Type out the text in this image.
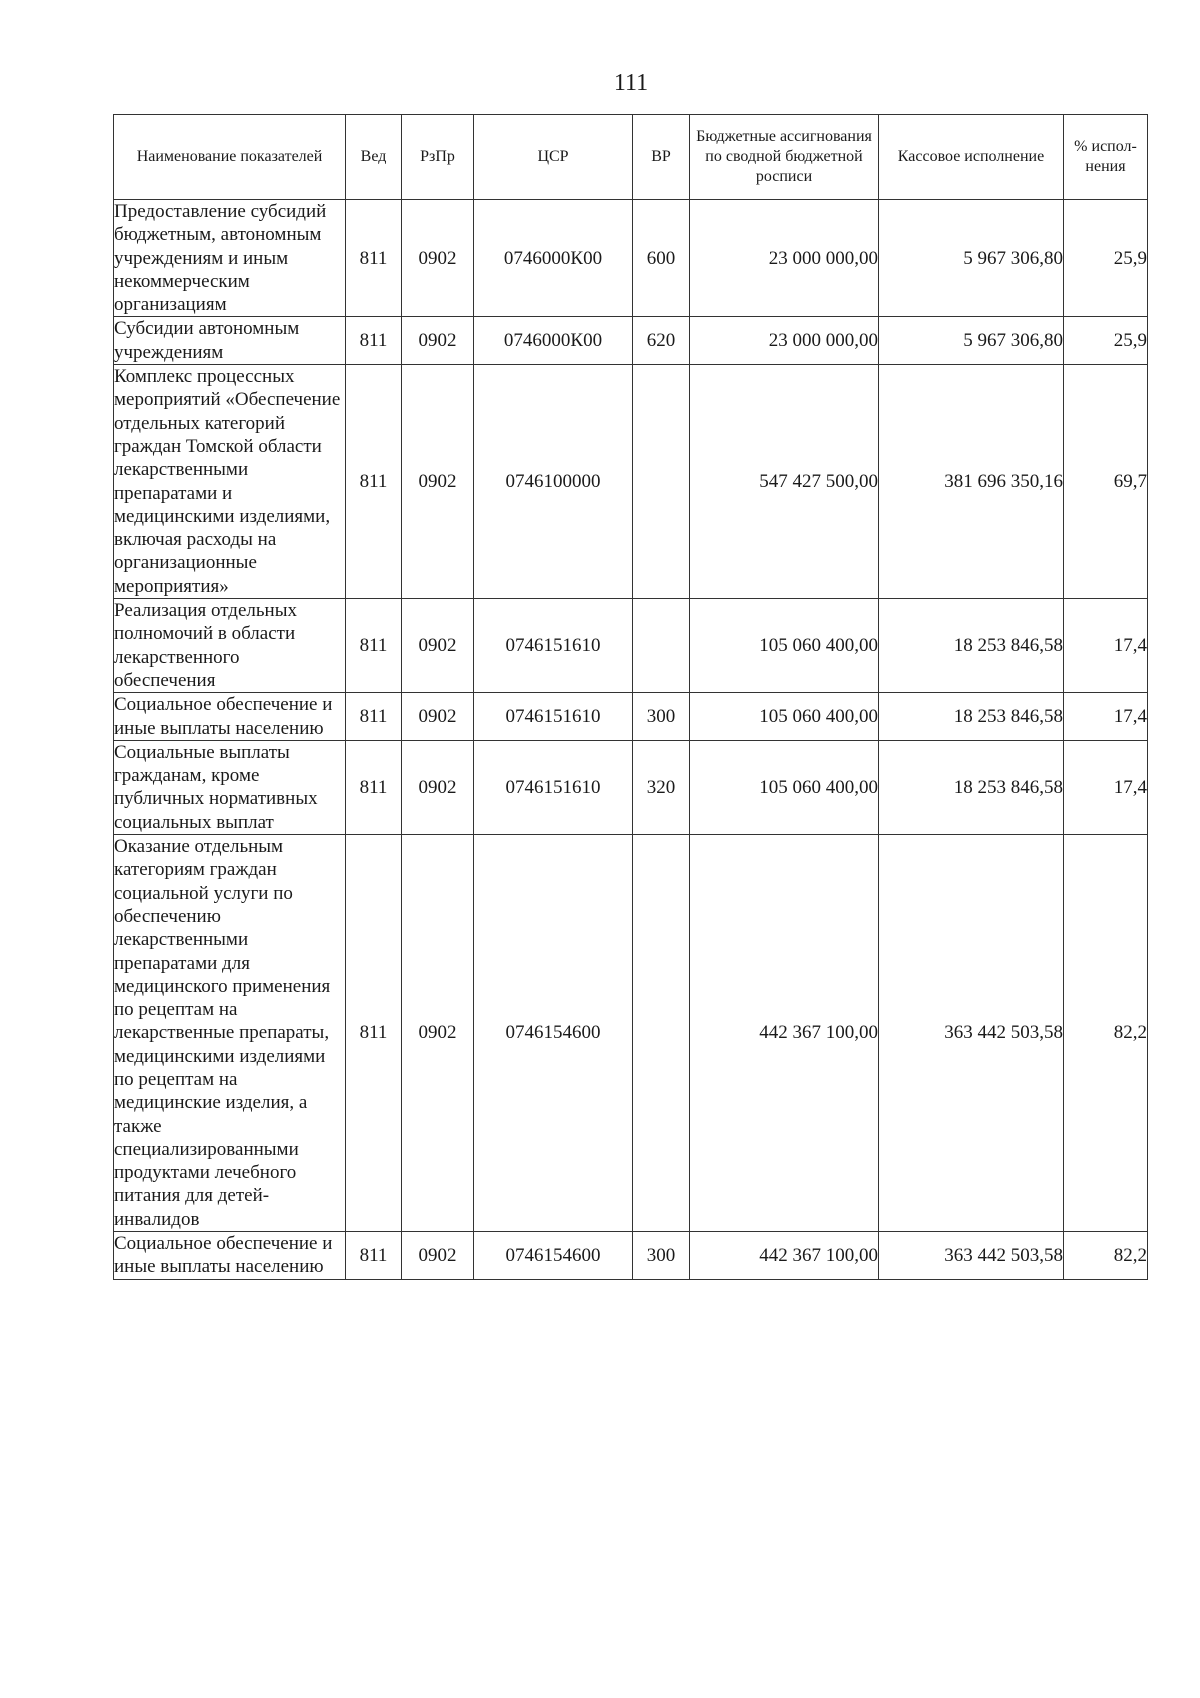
111
Наименование показателей	Вед	РзПр	ЦСР	ВР	Бюджетные ассигнования по сводной бюджетной росписи	Кассовое исполнение	% испол-нения
Предоставление субсидий бюджетным, автономным учреждениям и иным некоммерческим организациям	811	0902	0746000К00	600	23 000 000,00	5 967 306,80	25,9
Субсидии автономным учреждениям	811	0902	0746000К00	620	23 000 000,00	5 967 306,80	25,9
Комплекс процессных мероприятий «Обеспечение отдельных категорий граждан Томской области лекарственными препаратами и медицинскими изделиями, включая расходы на организационные мероприятия»	811	0902	0746100000		547 427 500,00	381 696 350,16	69,7
Реализация отдельных полномочий в области лекарственного обеспечения	811	0902	0746151610		105 060 400,00	18 253 846,58	17,4
Социальное обеспечение и иные выплаты населению	811	0902	0746151610	300	105 060 400,00	18 253 846,58	17,4
Социальные выплаты гражданам, кроме публичных нормативных социальных выплат	811	0902	0746151610	320	105 060 400,00	18 253 846,58	17,4
Оказание отдельным категориям граждан социальной услуги по обеспечению лекарственными препаратами для медицинского применения по рецептам на лекарственные препараты, медицинскими изделиями по рецептам на медицинские изделия, а также специализированными продуктами лечебного питания для детей-инвалидов	811	0902	0746154600		442 367 100,00	363 442 503,58	82,2
Социальное обеспечение и иные выплаты населению	811	0902	0746154600	300	442 367 100,00	363 442 503,58	82,2
